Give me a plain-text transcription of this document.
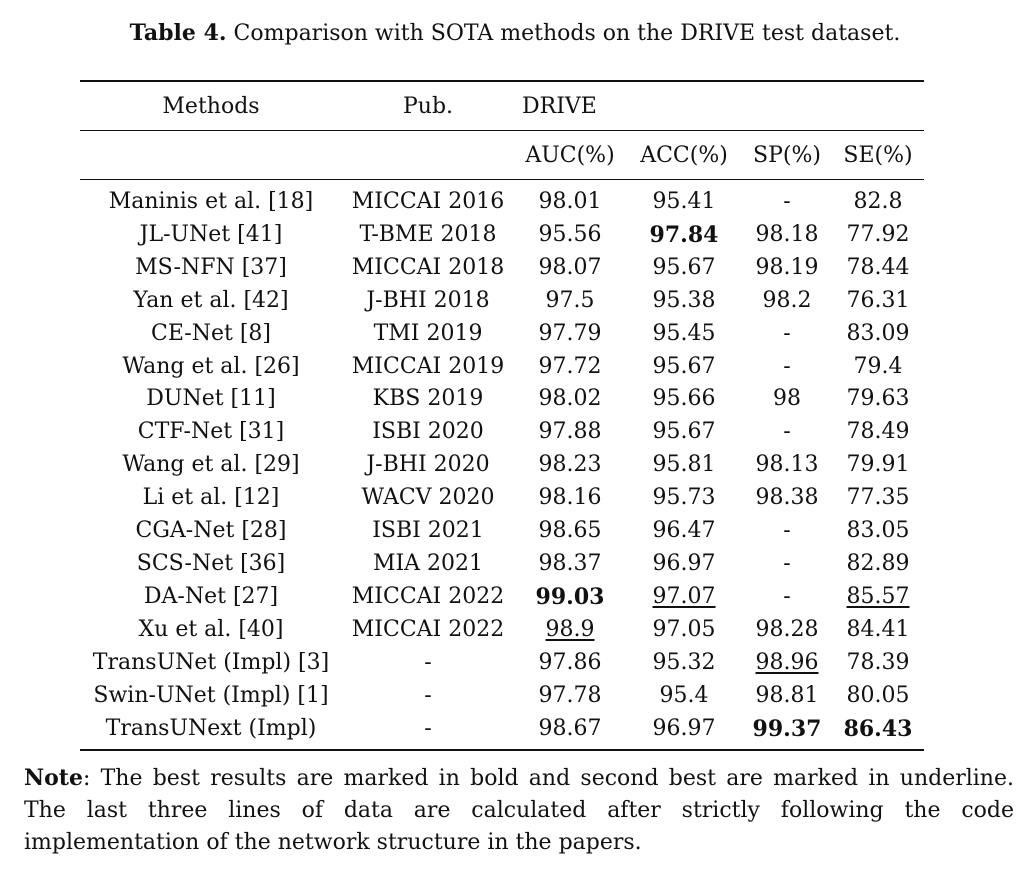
Table 4. Comparison with SOTA methods on the DRIVE test dataset.
Methods	Pub.	DRIVE			
		AUC(%)	ACC(%)	SP(%)	SE(%)
Maninis et al. [18]	MICCAI 2016	98.01	95.41	-	82.8
JL-UNet [41]	T-BME 2018	95.56	97.84	98.18	77.92
MS-NFN [37]	MICCAI 2018	98.07	95.67	98.19	78.44
Yan et al. [42]	J-BHI 2018	97.5	95.38	98.2	76.31
CE-Net [8]	TMI 2019	97.79	95.45	-	83.09
Wang et al. [26]	MICCAI 2019	97.72	95.67	-	79.4
DUNet [11]	KBS 2019	98.02	95.66	98	79.63
CTF-Net [31]	ISBI 2020	97.88	95.67	-	78.49
Wang et al. [29]	J-BHI 2020	98.23	95.81	98.13	79.91
Li et al. [12]	WACV 2020	98.16	95.73	98.38	77.35
CGA-Net [28]	ISBI 2021	98.65	96.47	-	83.05
SCS-Net [36]	MIA 2021	98.37	96.97	-	82.89
DA-Net [27]	MICCAI 2022	99.03	97.07	-	85.57
Xu et al. [40]	MICCAI 2022	98.9	97.05	98.28	84.41
TransUNet (Impl) [3]	-	97.86	95.32	98.96	78.39
Swin-UNet (Impl) [1]	-	97.78	95.4	98.81	80.05
TransUNext (Impl)	-	98.67	96.97	99.37	86.43
Note: The best results are marked in bold and second best are marked in underline. The last three lines of data are calculated after strictly following the code implementation of the network structure in the papers.
